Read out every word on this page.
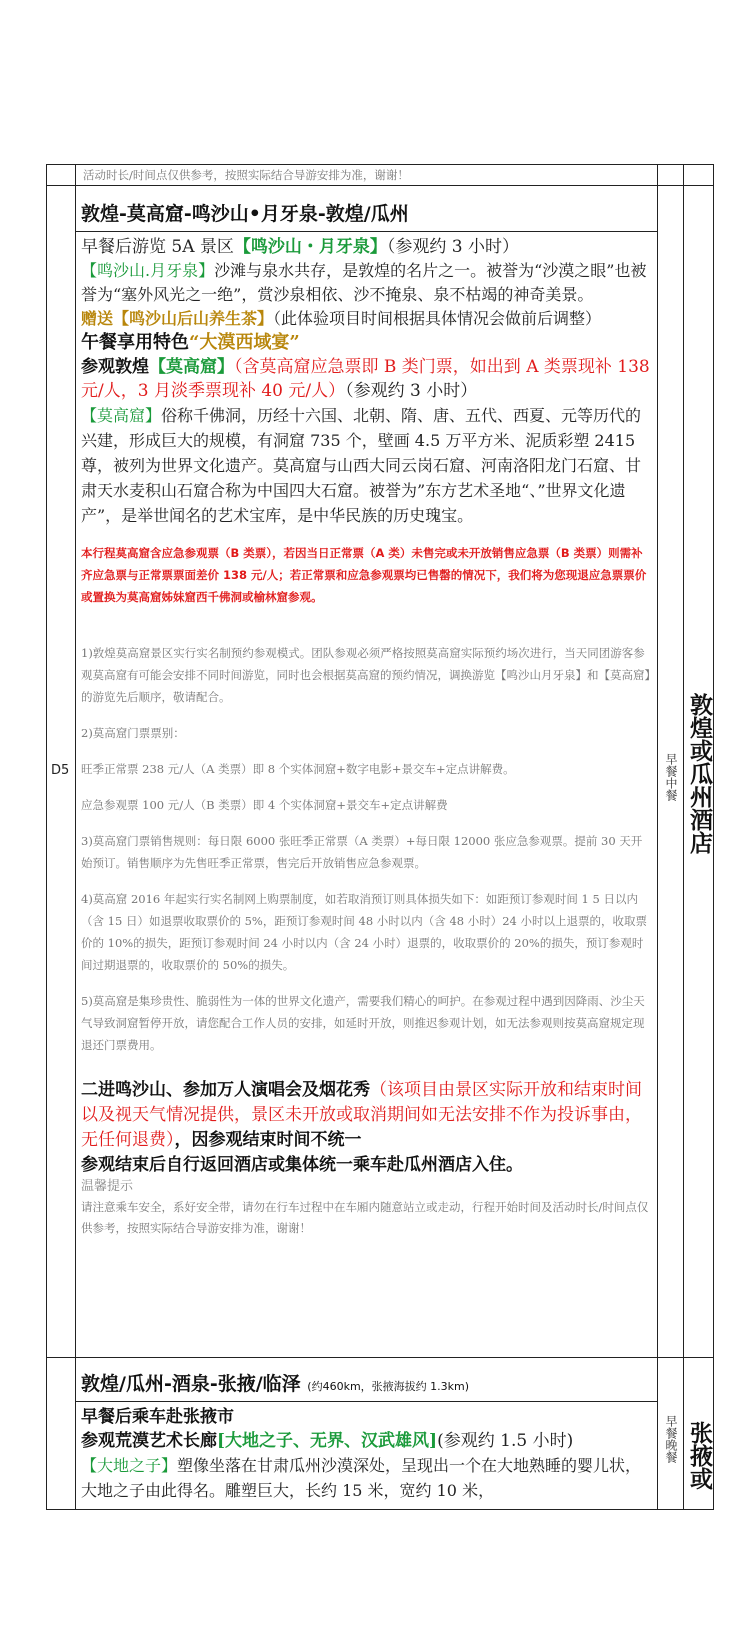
活动时长/时间点仅供参考，按照实际结合导游安排为准，谢谢！
D5	早餐中餐 敦煌或瓜州酒店
敦煌-莫高窟-鸣沙山•月牙泉-敦煌/瓜州
早餐后游览 5A 景区【鸣沙山・月牙泉】（参观约 3 小时）
【鸣沙山.月牙泉】沙滩与泉水共存，是敦煌的名片之一。被誉为“沙漠之眼”也被誉为“塞外风光之一绝”，赏沙泉相依、沙不掩泉、泉不枯竭的神奇美景。
赠送【鸣沙山后山养生茶】（此体验项目时间根据具体情况会做前后调整）
午餐享用特色“大漠西域宴”
参观敦煌【莫高窟】（含莫高窟应急票即 B 类门票，如出到 A 类票现补 138 元/人，3 月淡季票现补 40 元/人）（参观约 3 小时）
【莫高窟】俗称千佛洞，历经十六国、北朝、隋、唐、五代、西夏、元等历代的兴建，形成巨大的规模，有洞窟 735 个，壁画 4.5 万平方米、泥质彩塑 2415 尊，被列为世界文化遗产。莫高窟与山西大同云岗石窟、河南洛阳龙门石窟、甘肃天水麦积山石窟合称为中国四大石窟。被誉为”东方艺术圣地“、”世界文化遗产”，是举世闻名的艺术宝库，是中华民族的历史瑰宝。
本行程莫高窟含应急参观票（B 类票），若因当日正常票（A 类）未售完或未开放销售应急票（B 类票）则需补齐应急票与正常票票面差价 138 元/人；若正常票和应急参观票均已售罄的情况下，我们将为您现退应急票票价或置换为莫高窟姊妹窟西千佛洞或榆林窟参观。
1)敦煌莫高窟景区实行实名制预约参观模式。团队参观必须严格按照莫高窟实际预约场次进行，当天同团游客参观莫高窟有可能会安排不同时间游览，同时也会根据莫高窟的预约情况，调换游览【鸣沙山月牙泉】和【莫高窟】的游览先后顺序，敬请配合。
2)莫高窟门票票别：
旺季正常票 238 元/人（A 类票）即 8 个实体洞窟+数字电影+景交车+定点讲解费。
应急参观票 100 元/人（B 类票）即 4 个实体洞窟+景交车+定点讲解费
3)莫高窟门票销售规则：每日限 6000 张旺季正常票（A 类票）+每日限 12000 张应急参观票。提前 30 天开始预订。销售顺序为先售旺季正常票，售完后开放销售应急参观票。
4)莫高窟 2016 年起实行实名制网上购票制度，如若取消预订则具体损失如下：如距预订参观时间 1 5 日以内（含 15 日）如退票收取票价的 5%，距预订参观时间 48 小时以内（含 48 小时）24 小时以上退票的，收取票价的 10%的损失，距预订参观时间 24 小时以内（含 24 小时）退票的，收取票价的 20%的损失，预订参观时间过期退票的，收取票价的 50%的损失。
5)莫高窟是集珍贵性、脆弱性为一体的世界文化遗产，需要我们精心的呵护。在参观过程中遇到因降雨、沙尘天气导致洞窟暂停开放，请您配合工作人员的安排，如延时开放，则推迟参观计划，如无法参观则按莫高窟规定现退还门票费用。
二进鸣沙山、参加万人演唱会及烟花秀（该项目由景区实际开放和结束时间以及视天气情况提供，景区未开放或取消期间如无法安排不作为投诉事由，无任何退费），因参观结束时间不统一
参观结束后自行返回酒店或集体统一乘车赴瓜州酒店入住。
温馨提示
请注意乘车安全，系好安全带，请勿在行车过程中在车厢内随意站立或走动，行程开始时间及活动时长/时间点仅供参考，按照实际结合导游安排为准，谢谢！
敦煌/瓜州-酒泉-张掖/临泽 (约460km，张掖海拔约 1.3km)
早餐晚餐 张掖或
早餐后乘车赴张掖市
参观荒漠艺术长廊[大地之子、无界、汉武雄风](参观约 1.5 小时)
【大地之子】塑像坐落在甘肃瓜州沙漠深处，呈现出一个在大地熟睡的婴儿状，大地之子由此得名。雕塑巨大，长约 15 米，宽约 10 米，
